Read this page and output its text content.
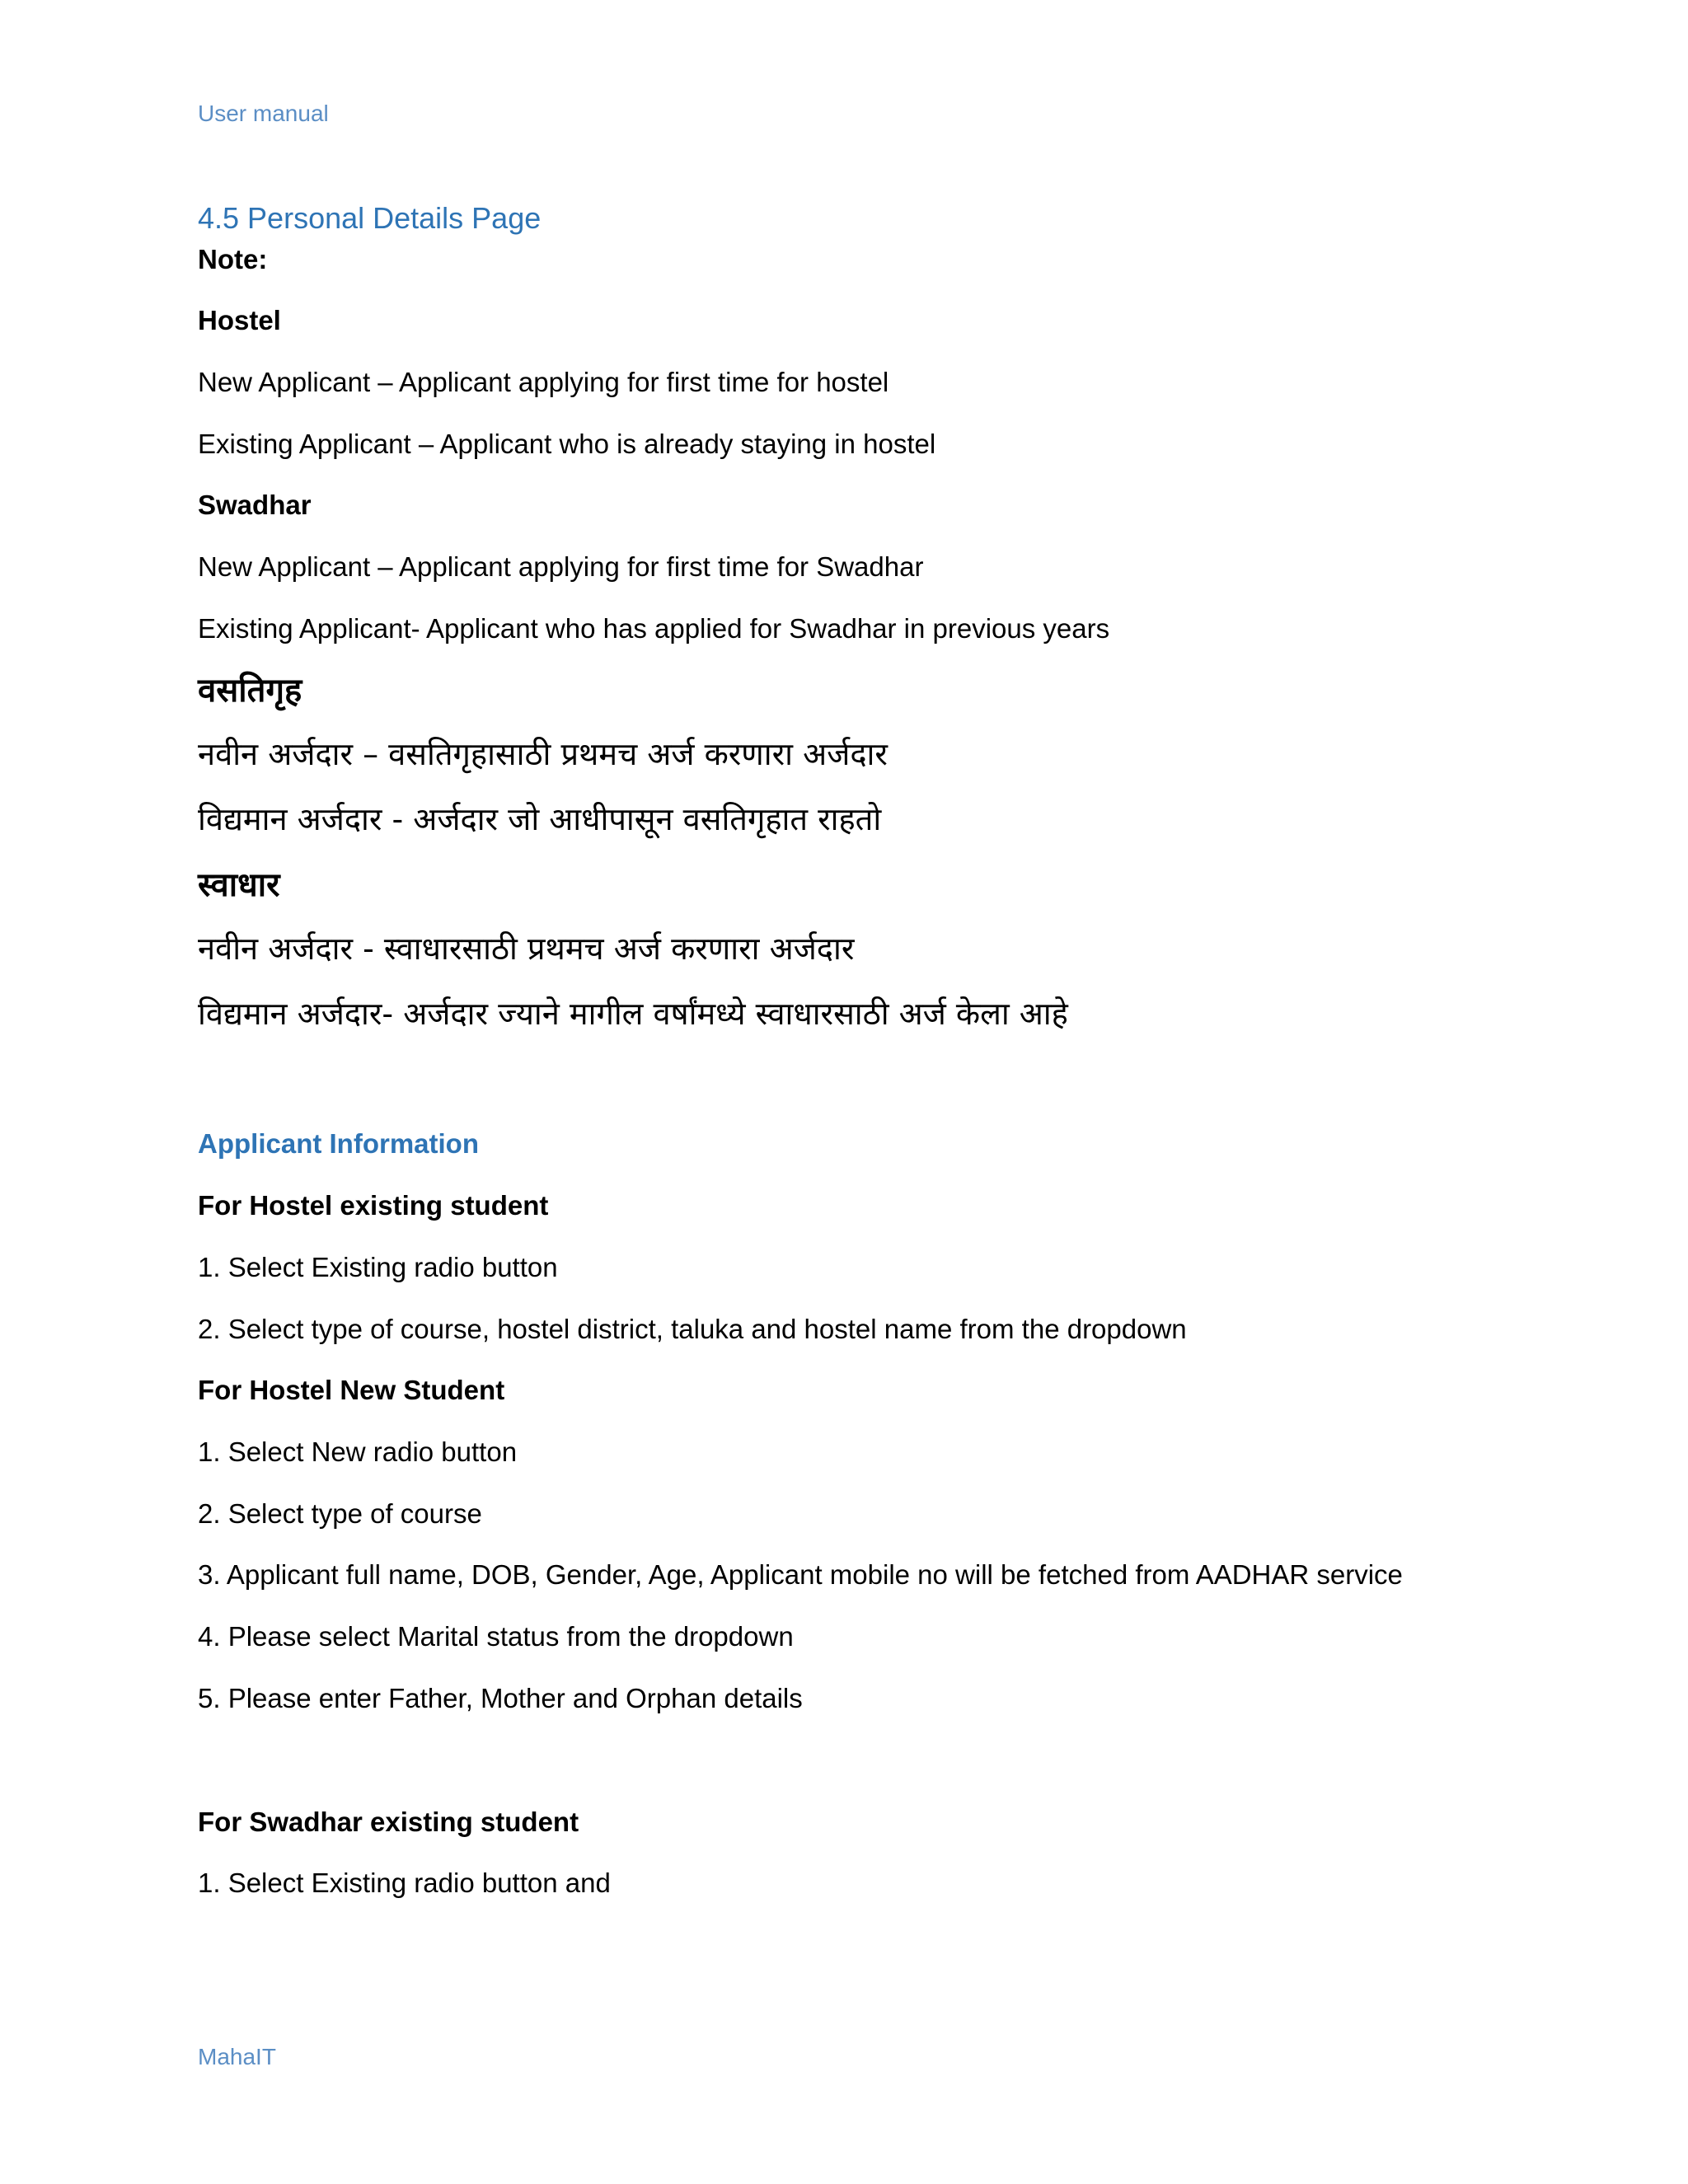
User manual
4.5 Personal Details Page

Note:

Hostel

New Applicant – Applicant applying for first time for hostel

Existing Applicant – Applicant who is already staying in hostel

Swadhar

New Applicant – Applicant applying for first time for Swadhar

Existing Applicant- Applicant who has applied for Swadhar in previous years

वसतिगृह

नवीन अर्जदार – वसतिगृहासाठी प्रथमच अर्ज करणारा अर्जदार

विद्यमान अर्जदार - अर्जदार जो आधीपासून वसतिगृहात राहतो

स्वाधार

नवीन अर्जदार - स्वाधारसाठी प्रथमच अर्ज करणारा अर्जदार

विद्यमान अर्जदार- अर्जदार ज्याने मागील वर्षांमध्ये स्वाधारसाठी अर्ज केला आहे

Applicant Information

For Hostel existing student

1. Select Existing radio button

2. Select type of course, hostel district, taluka and hostel name from the dropdown

For Hostel New Student

1. Select New radio button

2. Select type of course

3. Applicant full name, DOB, Gender, Age, Applicant mobile no will be fetched from AADHAR service

4. Please select Marital status from the dropdown

5. Please enter Father, Mother and Orphan details

For Swadhar existing student

1. Select Existing radio button and

MahaIT
